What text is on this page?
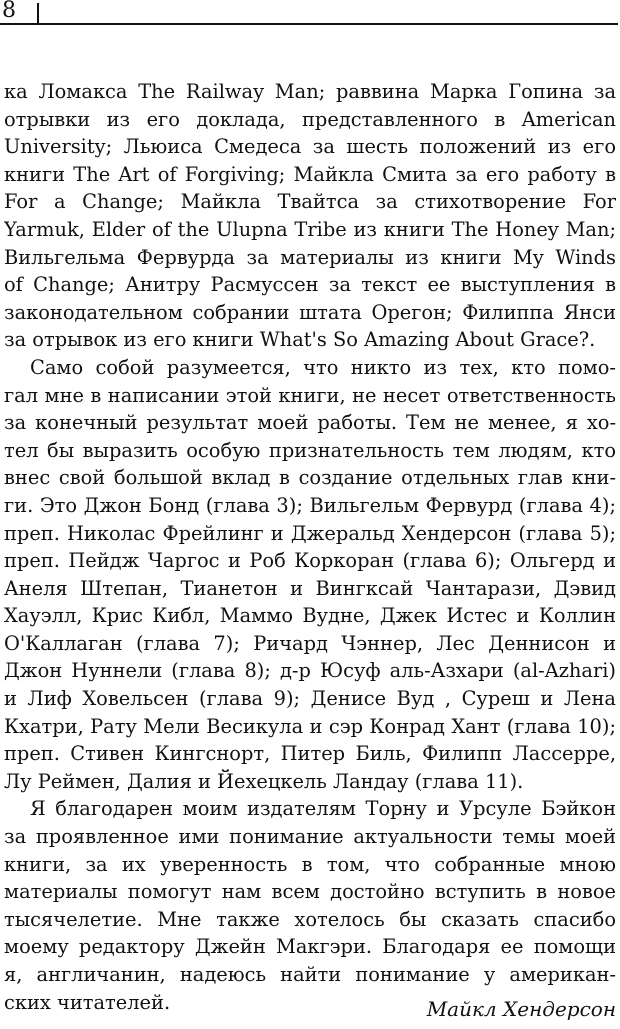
8
ка Ломакса The Railway Man; раввина Марка Гопина за
отрывки из его доклада, представленного в American
University; Льюиса Смедеса за шесть положений из его
книги The Art of Forgiving; Майкла Смита за его работу в
For a Change; Майкла Твайтса за стихотворение For
Yarmuk, Elder of the Ulupna Tribe из книги The Honey Man;
Вильгельма Фервурда за материалы из книги My Winds
of Change; Анитру Расмуссен за текст ее выступления в
законодательном собрании штата Орегон; Филиппа Янси
за отрывок из его книги What's So Amazing About Grace?.
Само собой разумеется, что никто из тех, кто помо-
гал мне в написании этой книги, не несет ответственность
за конечный результат моей работы. Тем не менее, я хо-
тел бы выразить особую признательность тем людям, кто
внес свой большой вклад в создание отдельных глав кни-
ги. Это Джон Бонд (глава 3); Вильгельм Фервурд (глава 4);
преп. Николас Фрейлинг и Джеральд Хендерсон (глава 5);
преп. Пейдж Чаргос и Роб Коркоран (глава 6); Ольгерд и
Анеля Штепан, Тианетон и Вингксай Чантарази, Дэвид
Хауэлл, Крис Кибл, Маммо Вудне, Джек Истес и Коллин
О'Каллаган (глава 7); Ричард Чэннер, Лес Деннисон и
Джон Нуннели (глава 8); д-р Юсуф аль-Азхари (al-Azhari)
и Лиф Ховельсен (глава 9); Денисе Вуд , Суреш и Лена
Кхатри, Рату Мели Весикула и сэр Конрад Хант (глава 10);
преп. Стивен Кингснорт, Питер Биль, Филипп Лассерре,
Лу Реймен, Далия и Йехецкель Ландау (глава 11).
Я благодарен моим издателям Торну и Урсуле Бэйкон
за проявленное ими понимание актуальности темы моей
книги, за их уверенность в том, что собранные мною
материалы помогут нам всем достойно вступить в новое
тысячелетие. Мне также хотелось бы сказать спасибо
моему редактору Джейн Макгэри. Благодаря ее помощи
я, англичанин, надеюсь найти понимание у американ-
ских читателей.	Майкл Хендерсон
